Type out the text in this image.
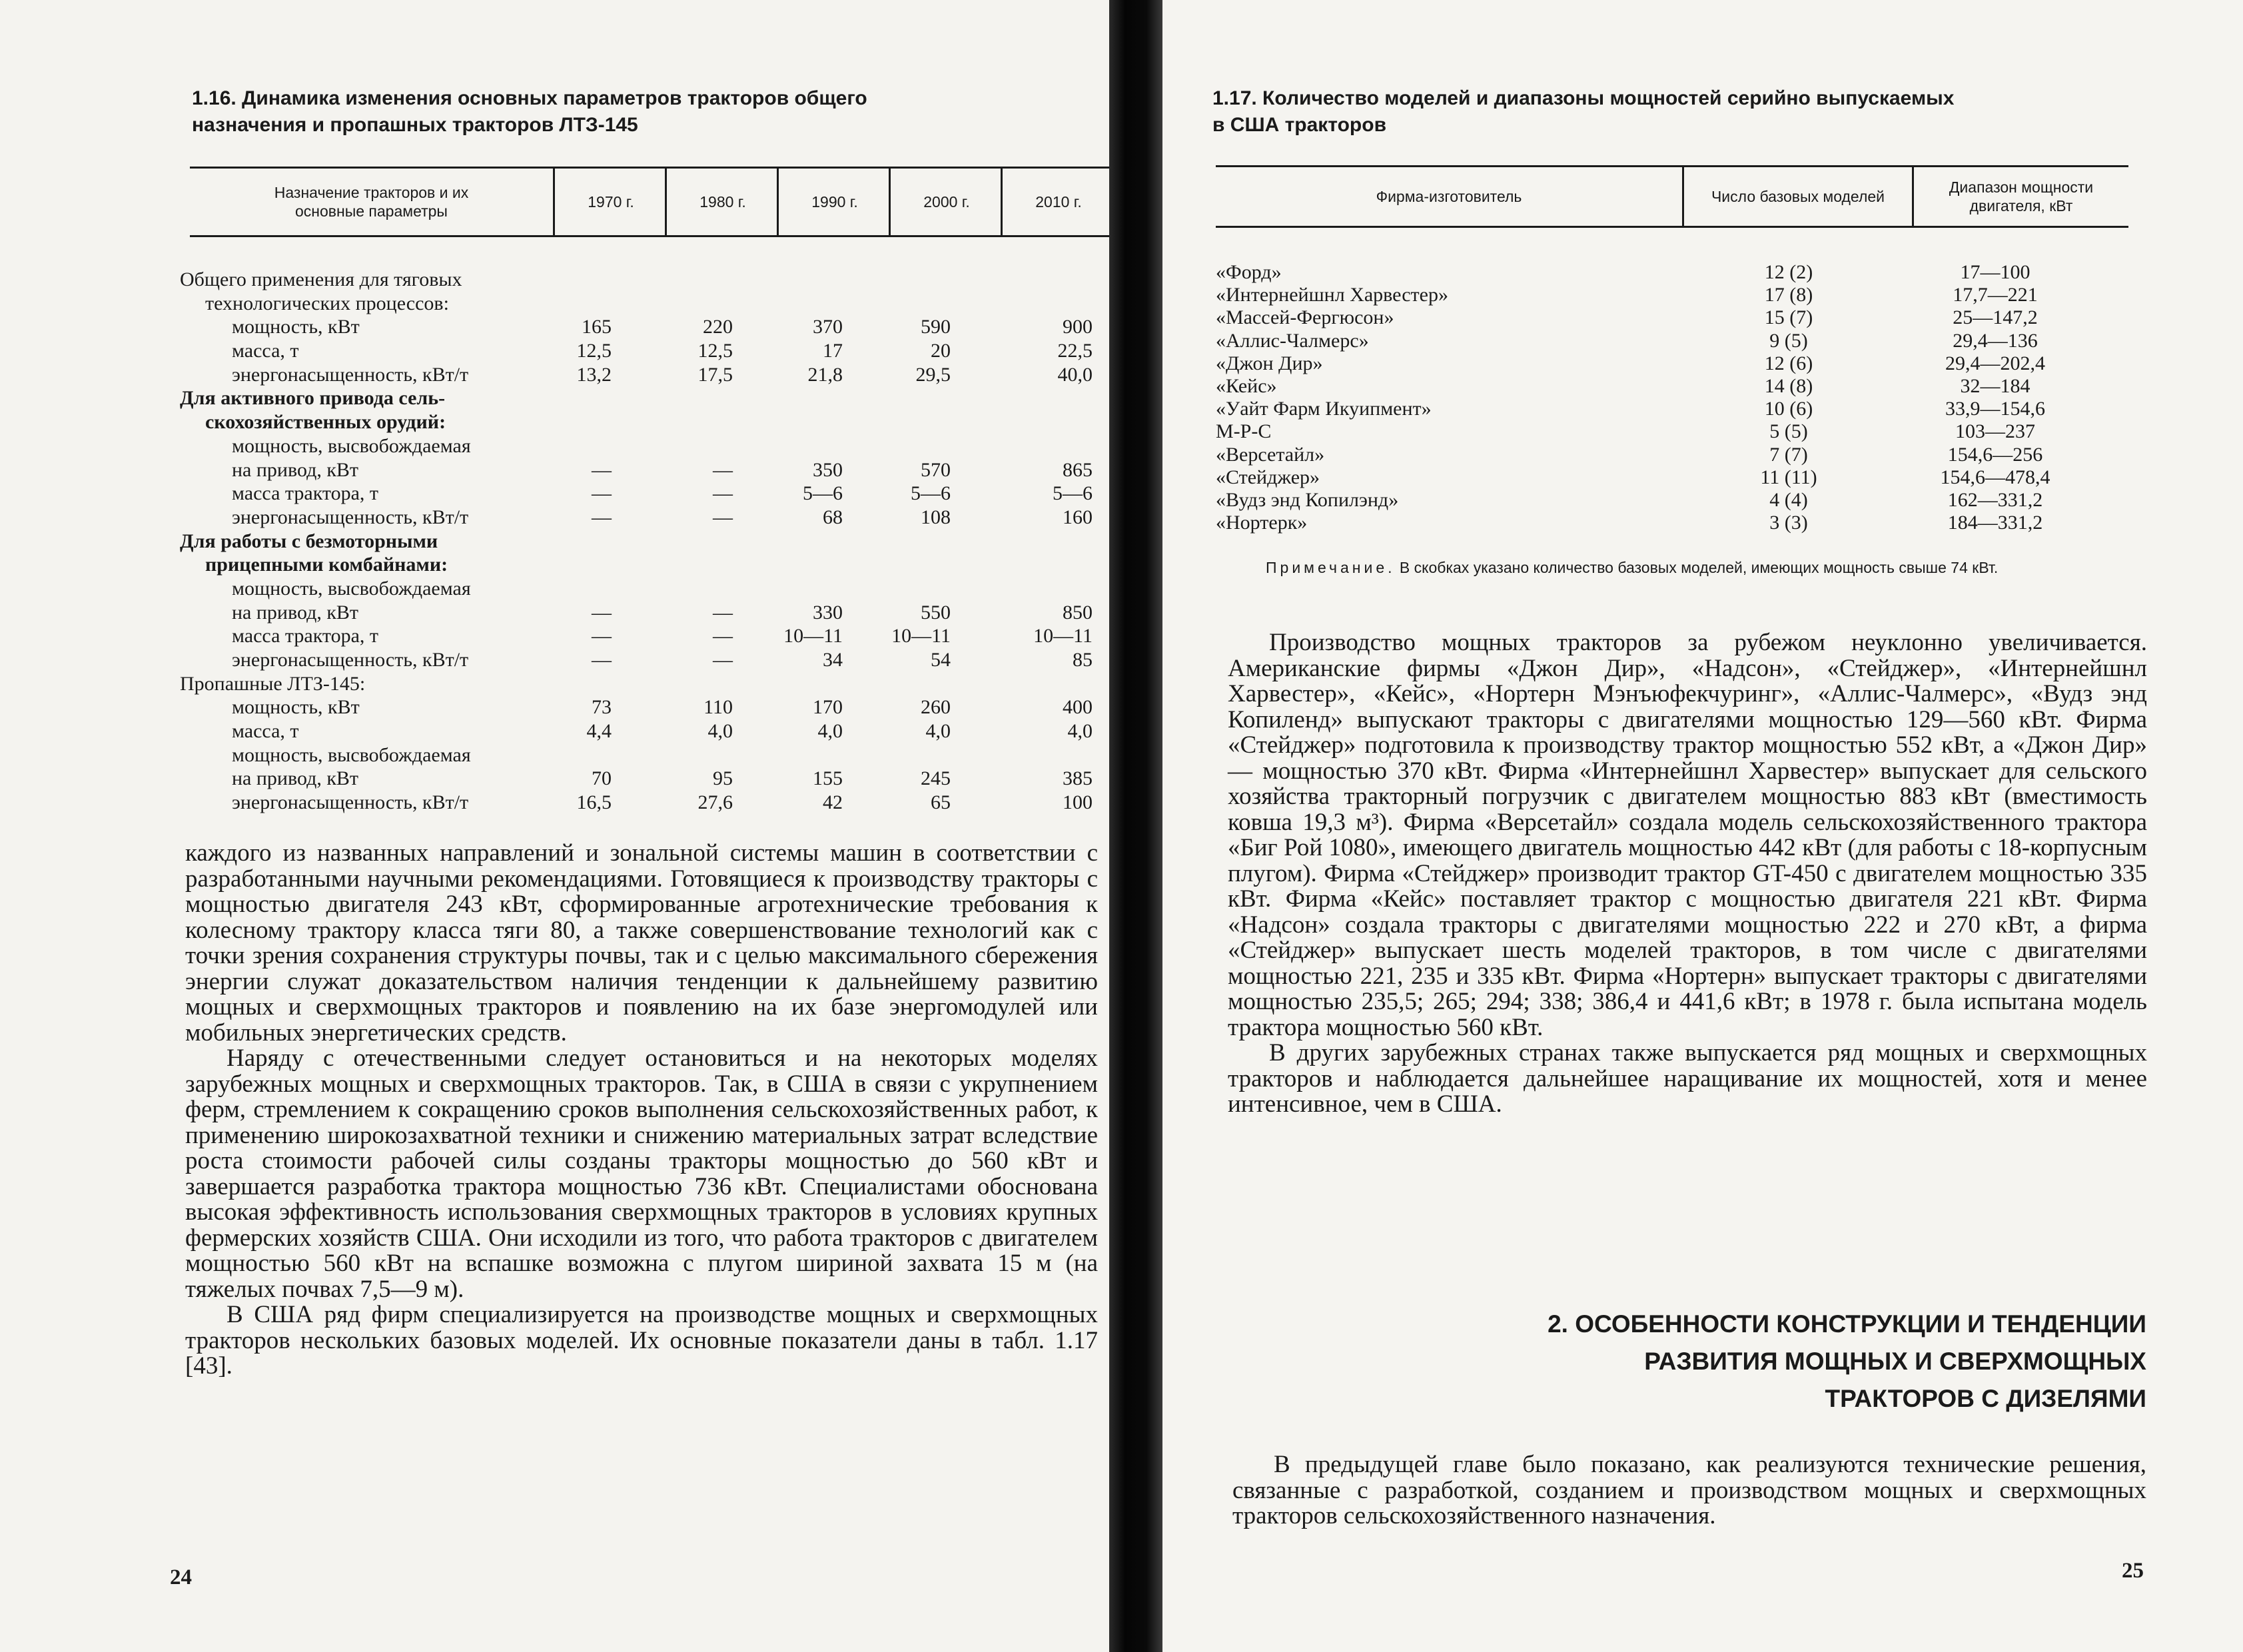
1.16. Динамика изменения основных параметров тракторов общего
назначения и пропашных тракторов ЛТЗ-145
Назначение тракторов и их
основные параметры
1970 г.	1980 г.	1990 г.	2000 г.	2010 г.
Общего применения для тяговых
технологических процессов:
мощность, кВт	165	220	370	590	900
масса, т	12,5	12,5	17	20	22,5
энергонасыщенность, кВт/т	13,2	17,5	21,8	29,5	40,0
Для активного привода сель-
скохозяйственных орудий:
мощность, высвобождаемая
на привод, кВт	—	—	350	570	865
масса трактора, т	—	—	5—6	5—6	5—6
энергонасыщенность, кВт/т	—	—	68	108	160
Для работы с безмоторными
прицепными комбайнами:
мощность, высвобождаемая
на привод, кВт	—	—	330	550	850
масса трактора, т	—	—	10—11	10—11	10—11
энергонасыщенность, кВт/т	—	—	34	54	85
Пропашные ЛТЗ-145:
мощность, кВт	73	110	170	260	400
масса, т	4,4	4,0	4,0	4,0	4,0
мощность, высвобождаемая
на привод, кВт	70	95	155	245	385
энергонасыщенность, кВт/т	16,5	27,6	42	65	100

каждого из названных направлений и зональной системы машин в соответствии с разработанными научными рекомендациями. Готовящиеся к производству тракторы с мощностью двигателя 243 кВт, сформированные агротехнические требования к колесному трактору класса тяги 80, а также совершенствование технологий как с точки зрения сохранения структуры почвы, так и с целью максимального сбережения энергии служат доказательством наличия тенденции к дальнейшему развитию мощных и сверхмощных тракторов и появлению на их базе энергомодулей или мобильных энергетических средств.

Наряду с отечественными следует остановиться и на некоторых моделях зарубежных мощных и сверхмощных тракторов. Так, в США в связи с укрупнением ферм, стремлением к сокращению сроков выполнения сельскохозяйственных работ, к применению широкозахватной техники и снижению материальных затрат вследствие роста стоимости рабочей силы созданы тракторы мощностью до 560 кВт и завершается разработка трактора мощностью 736 кВт. Специалистами обоснована высокая эффективность использования сверхмощных тракторов в условиях крупных фермерских хозяйств США. Они исходили из того, что работа тракторов с двигателем мощностью 560 кВт на вспашке возможна с плугом шириной захвата 15 м (на тяжелых почвах 7,5—9 м).

В США ряд фирм специализируется на производстве мощных и сверхмощных тракторов нескольких базовых моделей. Их основные показатели даны в табл. 1.17 [43].

24
1.17. Количество моделей и диапазоны мощностей серийно выпускаемых
в США тракторов
Фирма-изготовитель	Число базовых моделей
Диапазон мощности двигателя, кВт
«Форд»	12 (2)	17—100
«Интернейшнл Харвестер»	17 (8)	17,7—221
«Массей-Фергюсон»	15 (7)	25—147,2
«Аллис-Чалмерс»	9 (5)	29,4—136
«Джон Дир»	12 (6)	29,4—202,4
«Кейс»	14 (8)	32—184
«Уайт Фарм Икуипмент»	10 (6)	33,9—154,6
М-Р-С	5 (5)	103—237
«Версетайл»	7 (7)	154,6—256
«Стейджер»	11 (11)	154,6—478,4
«Вудз энд Копилэнд»	4 (4)	162—331,2
«Нортерк»	3 (3)	184—331,2
Примечание. В скобках указано количество базовых моделей, имеющих мощность свыше 74 кВт.

Производство мощных тракторов за рубежом неуклонно увеличивается. Американские фирмы «Джон Дир», «Надсон», «Стейджер», «Интернейшнл Харвестер», «Кейс», «Нортерн Мэнъюфекчуринг», «Аллис-Чалмерс», «Вудз энд Копиленд» выпускают тракторы с двигателями мощностью 129—560 кВт. Фирма «Стейджер» подготовила к производству трактор мощностью 552 кВт, а «Джон Дир» — мощностью 370 кВт. Фирма «Интернейшнл Харвестер» выпускает для сельского хозяйства тракторный погрузчик с двигателем мощностью 883 кВт (вместимость ковша 19,3 м³). Фирма «Версетайл» создала модель сельскохозяйственного трактора «Биг Рой 1080», имеющего двигатель мощностью 442 кВт (для работы с 18-корпусным плугом). Фирма «Стейджер» производит трактор GT-450 с двигателем мощностью 335 кВт. Фирма «Кейс» поставляет трактор с мощностью двигателя 221 кВт. Фирма «Надсон» создала тракторы с двигателями мощностью 222 и 270 кВт, а фирма «Стейджер» выпускает шесть моделей тракторов, в том числе с двигателями мощностью 221, 235 и 335 кВт. Фирма «Нортерн» выпускает тракторы с двигателями мощностью 235,5; 265; 294; 338; 386,4 и 441,6 кВт; в 1978 г. была испытана модель трактора мощностью 560 кВт.

В других зарубежных странах также выпускается ряд мощных и сверхмощных тракторов и наблюдается дальнейшее наращивание их мощностей, хотя и менее интенсивное, чем в США.

2. ОСОБЕННОСТИ КОНСТРУКЦИИ И ТЕНДЕНЦИИ
РАЗВИТИЯ МОЩНЫХ И СВЕРХМОЩНЫХ
ТРАКТОРОВ С ДИЗЕЛЯМИ

В предыдущей главе было показано, как реализуются технические решения, связанные с разработкой, созданием и производством мощных и сверхмощных тракторов сельскохозяйственного назначения.

25
